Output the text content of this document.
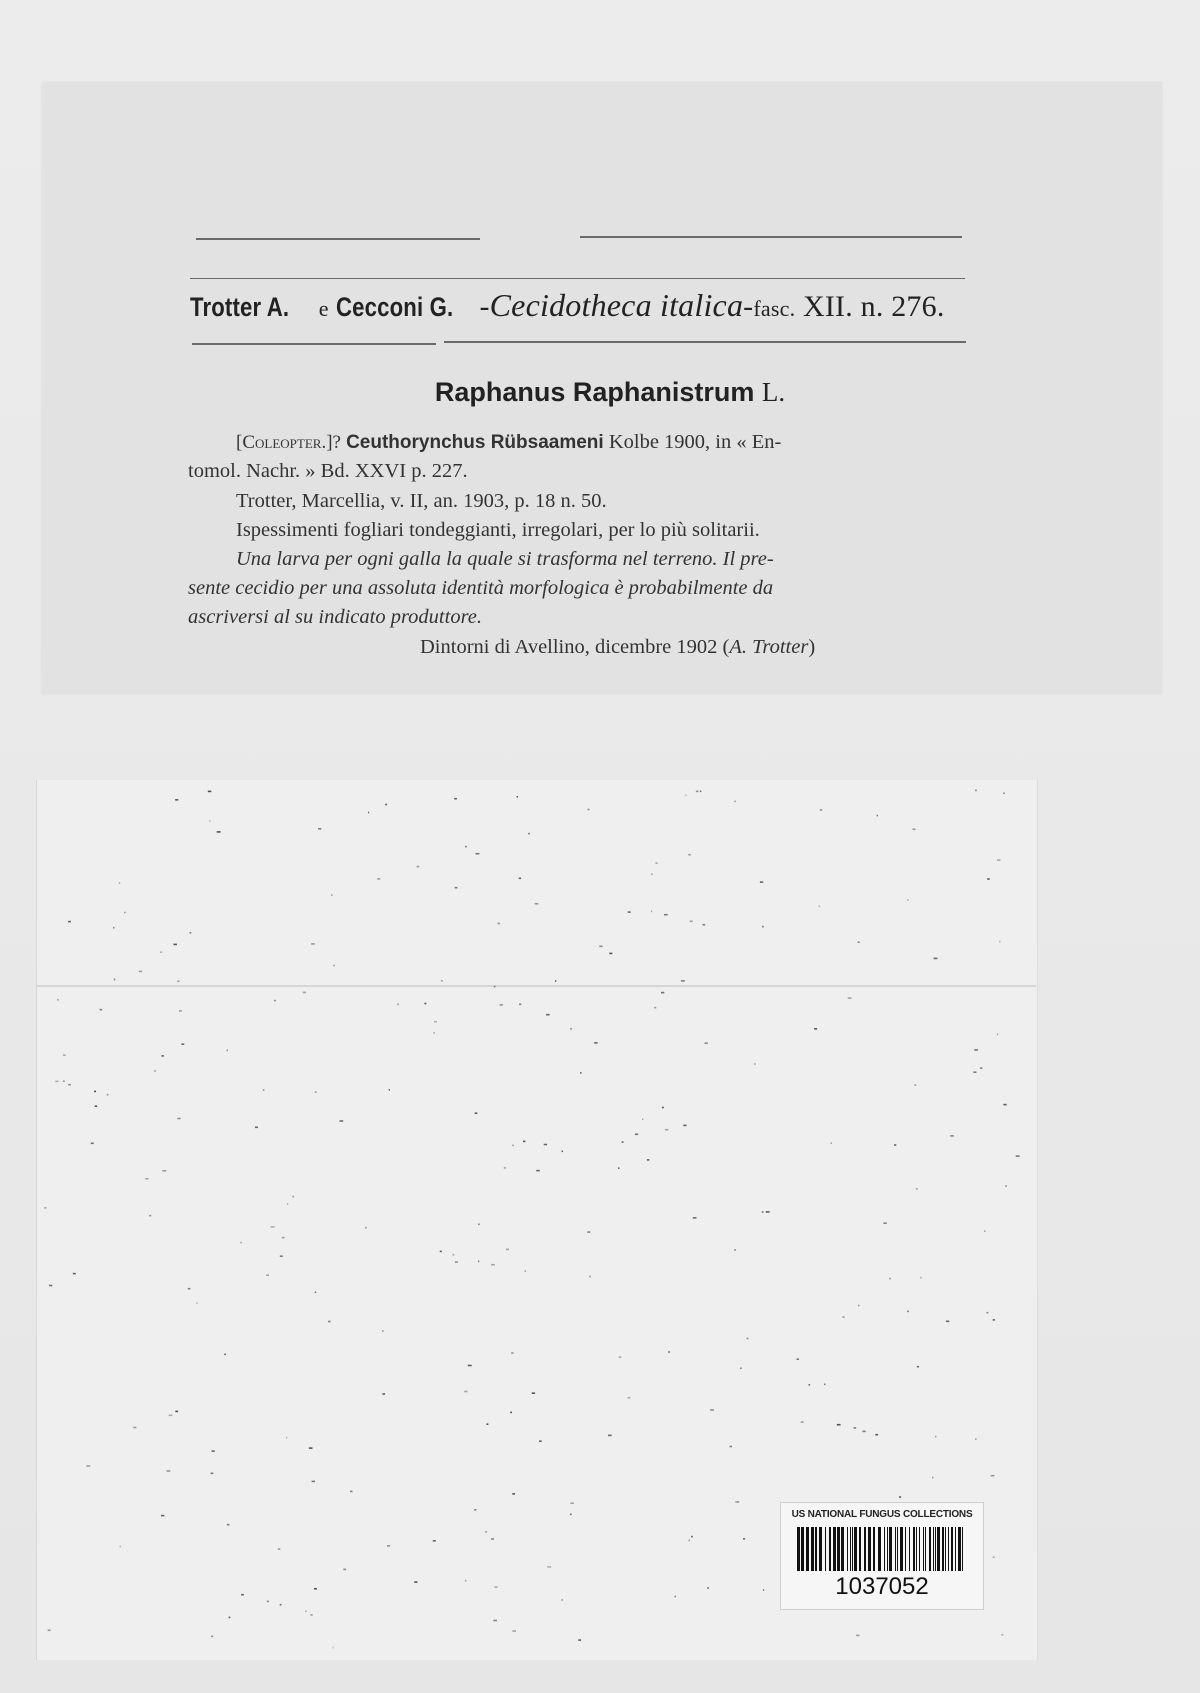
Trotter A. e Cecconi G. -Cecidotheca italica-fasc. XII. n. 276.
Raphanus Raphanistrum L.
[Coleopter.]? Ceuthorynchus Rübsaameni Kolbe 1900, in « En-
tomol. Nachr. » Bd. XXVI p. 227.
Trotter, Marcellia, v. II, an. 1903, p. 18 n. 50.
Ispessimenti fogliari tondeggianti, irregolari, per lo più solitarii.
Una larva per ogni galla la quale si trasforma nel terreno. Il pre-
sente cecidio per una assoluta identità morfologica è probabilmente da
ascriversi al su indicato produttore.
Dintorni di Avellino, dicembre 1902 (A. Trotter)
US NATIONAL FUNGUS COLLECTIONS
1037052
